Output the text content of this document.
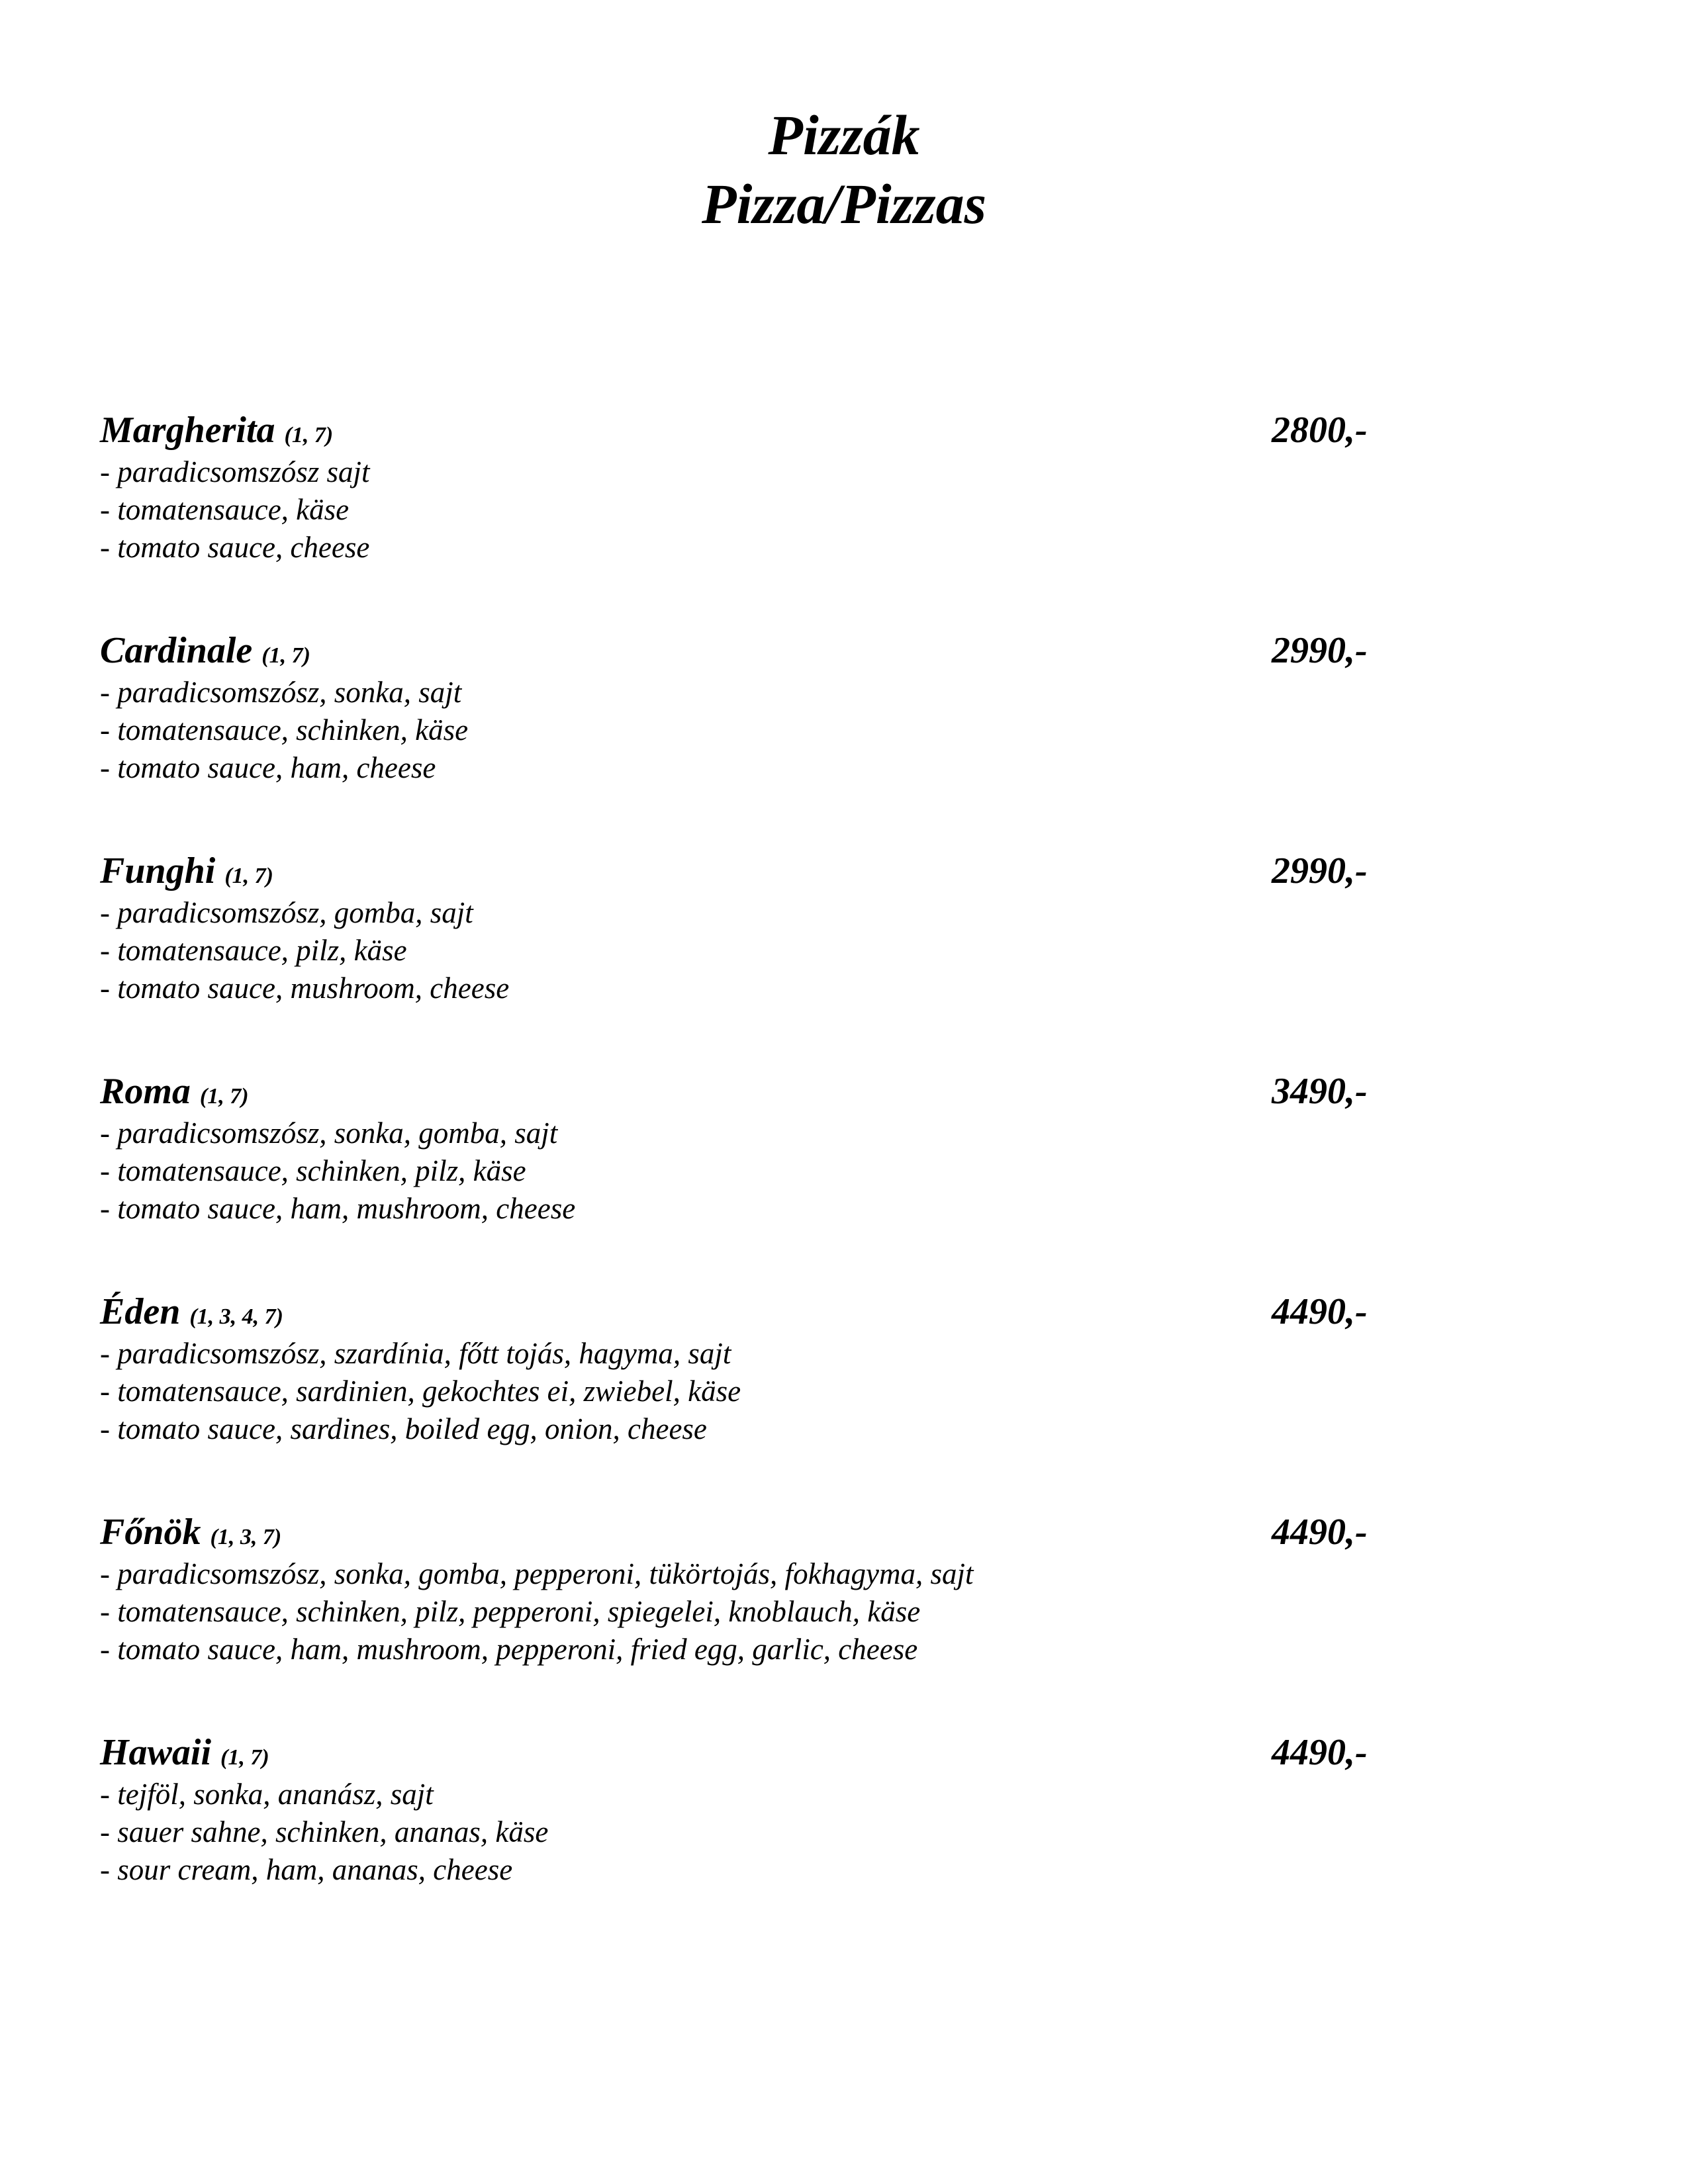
Pizzák
Pizza/Pizzas
Margherita (1, 7)	2800,-
- paradicsomszósz sajt
- tomatensauce, käse
- tomato sauce, cheese
Cardinale (1, 7)	2990,-
- paradicsomszósz, sonka, sajt
- tomatensauce, schinken, käse
- tomato sauce, ham, cheese
Funghi (1, 7)	2990,-
- paradicsomszósz, gomba, sajt
- tomatensauce, pilz, käse
- tomato sauce, mushroom, cheese
Roma (1, 7)	3490,-
- paradicsomszósz, sonka, gomba, sajt
- tomatensauce, schinken, pilz, käse
- tomato sauce, ham, mushroom, cheese
Éden (1, 3, 4, 7)	4490,-
- paradicsomszósz, szardínia, főtt tojás, hagyma, sajt
- tomatensauce, sardinien, gekochtes ei, zwiebel, käse
- tomato sauce, sardines, boiled egg, onion, cheese
Főnök (1, 3, 7)	4490,-
- paradicsomszósz, sonka, gomba, pepperoni, tükörtojás, fokhagyma, sajt
- tomatensauce, schinken, pilz, pepperoni, spiegelei, knoblauch, käse
- tomato sauce, ham, mushroom, pepperoni, fried egg, garlic, cheese
Hawaii (1, 7)	4490,-
- tejföl, sonka, ananász, sajt
- sauer sahne, schinken, ananas, käse
- sour cream, ham, ananas, cheese
